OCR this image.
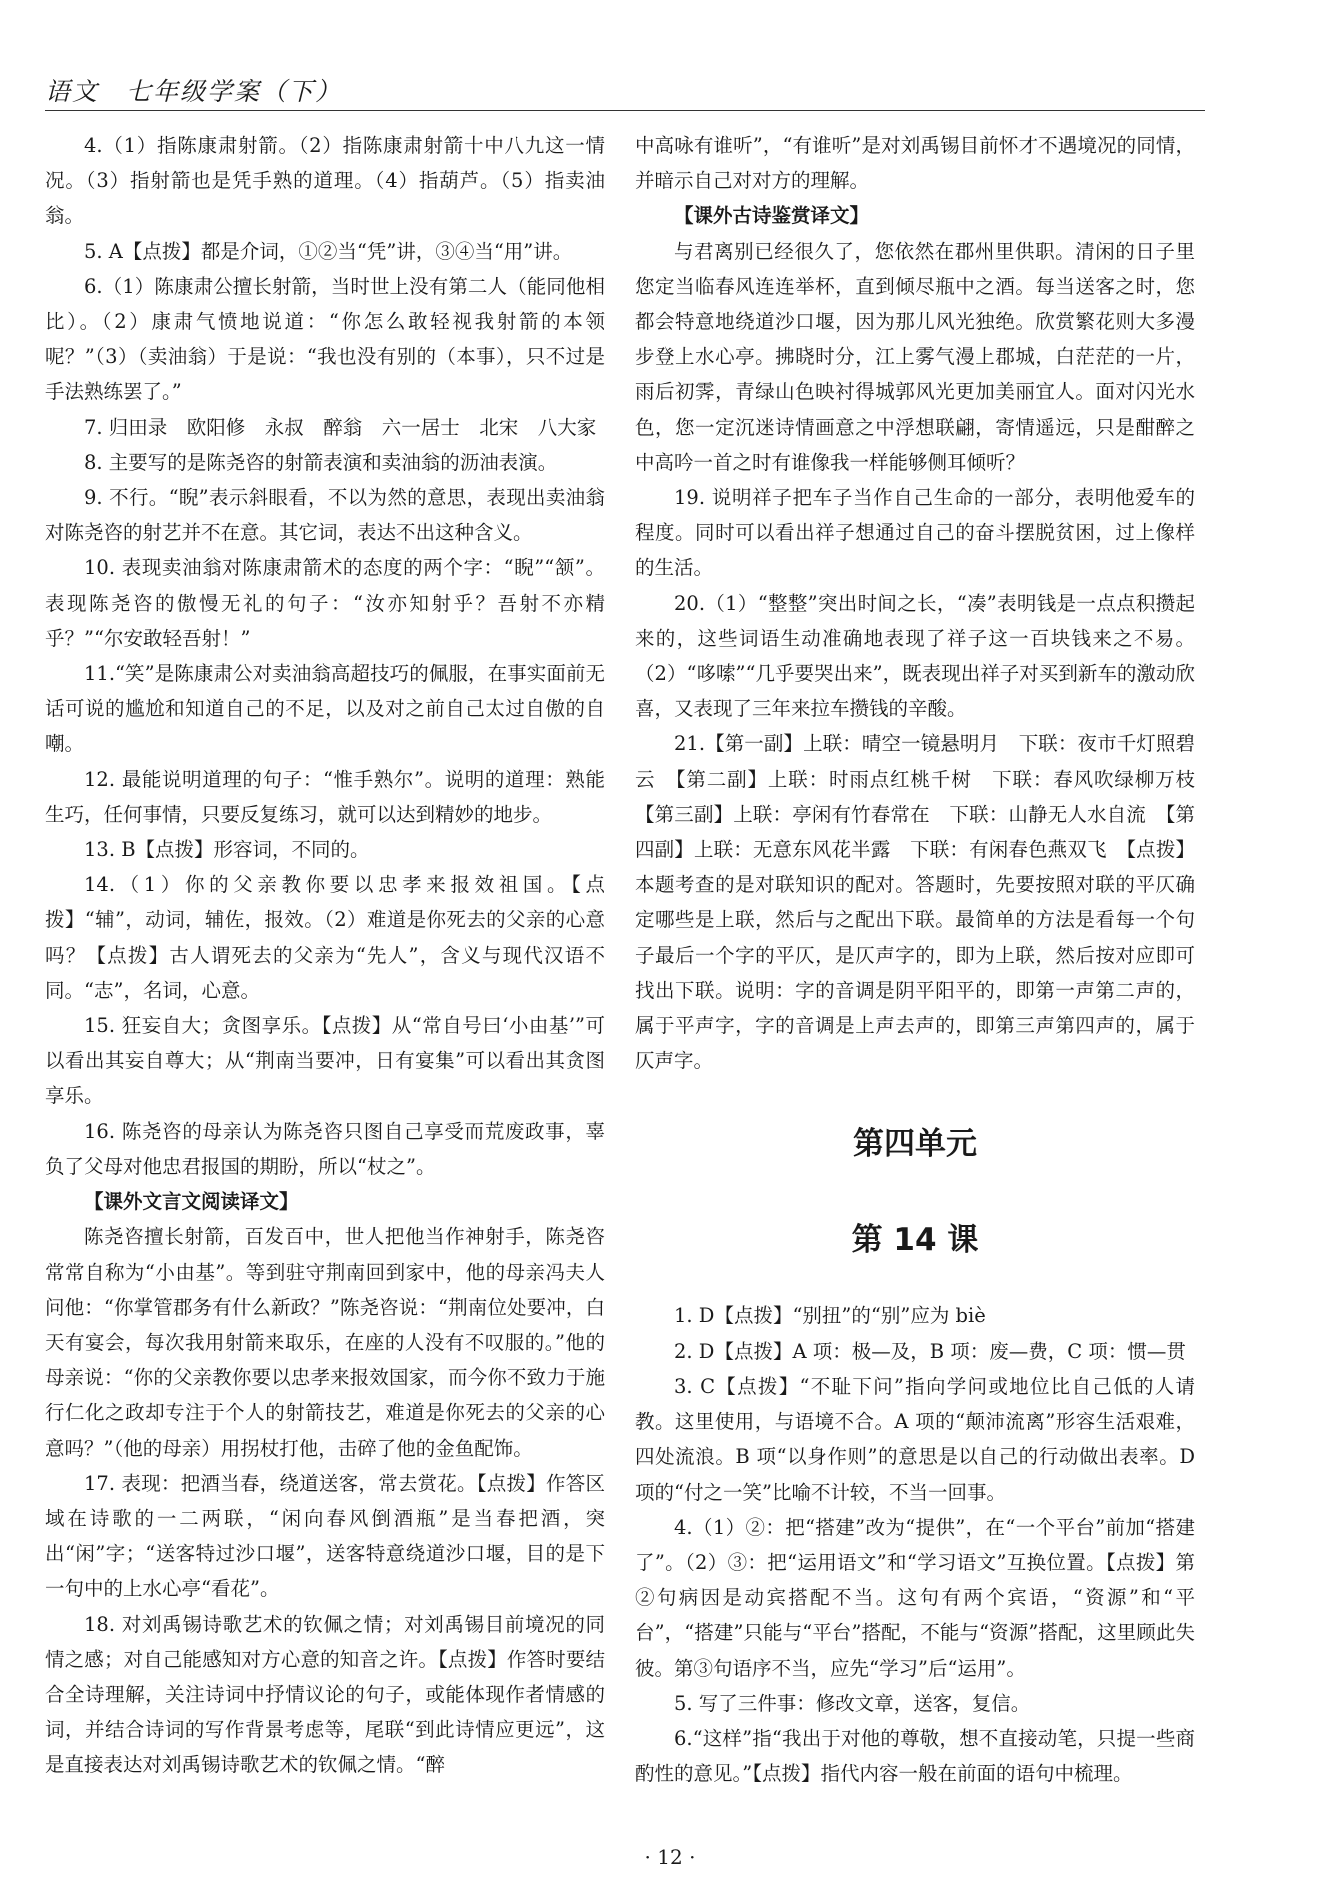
语文　七年级学案（下）

4.（1）指陈康肃射箭。（2）指陈康肃射箭十中八九这一情况。（3）指射箭也是凭手熟的道理。（4）指葫芦。（5）指卖油翁。

5. A【点拨】都是介词，①②当“凭”讲，③④当“用”讲。

6.（1）陈康肃公擅长射箭，当时世上没有第二人（能同他相比）。（2）康肃气愤地说道：“你怎么敢轻视我射箭的本领呢？”（3）（卖油翁）于是说：“我也没有别的（本事），只不过是手法熟练罢了。”

7. 归田录　欧阳修　永叔　醉翁　六一居士　北宋　八大家

8. 主要写的是陈尧咨的射箭表演和卖油翁的沥油表演。

9. 不行。“睨”表示斜眼看，不以为然的意思，表现出卖油翁对陈尧咨的射艺并不在意。其它词，表达不出这种含义。

10. 表现卖油翁对陈康肃箭术的态度的两个字：“睨”“颔”。表现陈尧咨的傲慢无礼的句子：“汝亦知射乎？吾射不亦精乎？”“尔安敢轻吾射！”

11.“笑”是陈康肃公对卖油翁高超技巧的佩服，在事实面前无话可说的尴尬和知道自己的不足，以及对之前自己太过自傲的自嘲。

12. 最能说明道理的句子：“惟手熟尔”。说明的道理：熟能生巧，任何事情，只要反复练习，就可以达到精妙的地步。

13. B【点拨】形容词，不同的。

14.（1）你的父亲教你要以忠孝来报效祖国。【点拨】“辅”，动词，辅佐，报效。（2）难道是你死去的父亲的心意吗？【点拨】古人谓死去的父亲为“先人”，含义与现代汉语不同。“志”，名词，心意。

15. 狂妄自大；贪图享乐。【点拨】从“常自号曰‘小由基’”可以看出其妄自尊大；从“荆南当要冲，日有宴集”可以看出其贪图享乐。

16. 陈尧咨的母亲认为陈尧咨只图自己享受而荒废政事，辜负了父母对他忠君报国的期盼，所以“杖之”。

【课外文言文阅读译文】

陈尧咨擅长射箭，百发百中，世人把他当作神射手，陈尧咨常常自称为“小由基”。等到驻守荆南回到家中，他的母亲冯夫人问他：“你掌管郡务有什么新政？”陈尧咨说：“荆南位处要冲，白天有宴会，每次我用射箭来取乐，在座的人没有不叹服的。”他的母亲说：“你的父亲教你要以忠孝来报效国家，而今你不致力于施行仁化之政却专注于个人的射箭技艺，难道是你死去的父亲的心意吗？”（他的母亲）用拐杖打他，击碎了他的金鱼配饰。

17. 表现：把酒当春，绕道送客，常去赏花。【点拨】作答区域在诗歌的一二两联，“闲向春风倒酒瓶”是当春把酒，突出“闲”字；“送客特过沙口堰”，送客特意绕道沙口堰，目的是下一句中的上水心亭“看花”。

18. 对刘禹锡诗歌艺术的钦佩之情；对刘禹锡目前境况的同情之感；对自己能感知对方心意的知音之许。【点拨】作答时要结合全诗理解，关注诗词中抒情议论的句子，或能体现作者情感的词，并结合诗词的写作背景考虑等，尾联“到此诗情应更远”，这是直接表达对刘禹锡诗歌艺术的钦佩之情。“醉

中高咏有谁听”，“有谁听”是对刘禹锡目前怀才不遇境况的同情，并暗示自己对对方的理解。

【课外古诗鉴赏译文】

与君离别已经很久了，您依然在郡州里供职。清闲的日子里您定当临春风连连举杯，直到倾尽瓶中之酒。每当送客之时，您都会特意地绕道沙口堰，因为那儿风光独绝。欣赏繁花则大多漫步登上水心亭。拂晓时分，江上雾气漫上郡城，白茫茫的一片，雨后初霁，青绿山色映衬得城郭风光更加美丽宜人。面对闪光水色，您一定沉迷诗情画意之中浮想联翩，寄情遥远，只是酣醉之中高吟一首之时有谁像我一样能够侧耳倾听？

19. 说明祥子把车子当作自己生命的一部分，表明他爱车的程度。同时可以看出祥子想通过自己的奋斗摆脱贫困，过上像样的生活。

20.（1）“整整”突出时间之长，“凑”表明钱是一点点积攒起来的，这些词语生动准确地表现了祥子这一百块钱来之不易。（2）“哆嗦”“几乎要哭出来”，既表现出祥子对买到新车的激动欣喜，又表现了三年来拉车攒钱的辛酸。

21.【第一副】上联：晴空一镜悬明月　下联：夜市千灯照碧云　【第二副】上联：时雨点红桃千树　下联：春风吹绿柳万枝　【第三副】上联：亭闲有竹春常在　下联：山静无人水自流　【第四副】上联：无意东风花半露　下联：有闲春色燕双飞　【点拨】本题考查的是对联知识的配对。答题时，先要按照对联的平仄确定哪些是上联，然后与之配出下联。最简单的方法是看每一个句子最后一个字的平仄，是仄声字的，即为上联，然后按对应即可找出下联。说明：字的音调是阴平阳平的，即第一声第二声的，属于平声字，字的音调是上声去声的，即第三声第四声的，属于仄声字。

第四单元
第 14 课

1. D【点拨】“别扭”的“别”应为 biè

2. D【点拨】A 项：极—及，B 项：废—费，C 项：惯—贯

3. C【点拨】“不耻下问”指向学问或地位比自己低的人请教。这里使用，与语境不合。A 项的“颠沛流离”形容生活艰难，四处流浪。B 项“以身作则”的意思是以自己的行动做出表率。D 项的“付之一笑”比喻不计较，不当一回事。

4.（1）②：把“搭建”改为“提供”，在“一个平台”前加“搭建了”。（2）③：把“运用语文”和“学习语文”互换位置。【点拨】第②句病因是动宾搭配不当。这句有两个宾语，“资源”和“平台”，“搭建”只能与“平台”搭配，不能与“资源”搭配，这里顾此失彼。第③句语序不当，应先“学习”后“运用”。

5. 写了三件事：修改文章，送客，复信。

6.“这样”指“我出于对他的尊敬，想不直接动笔，只提一些商酌性的意见。”【点拨】指代内容一般在前面的语句中梳理。

· 12 ·
